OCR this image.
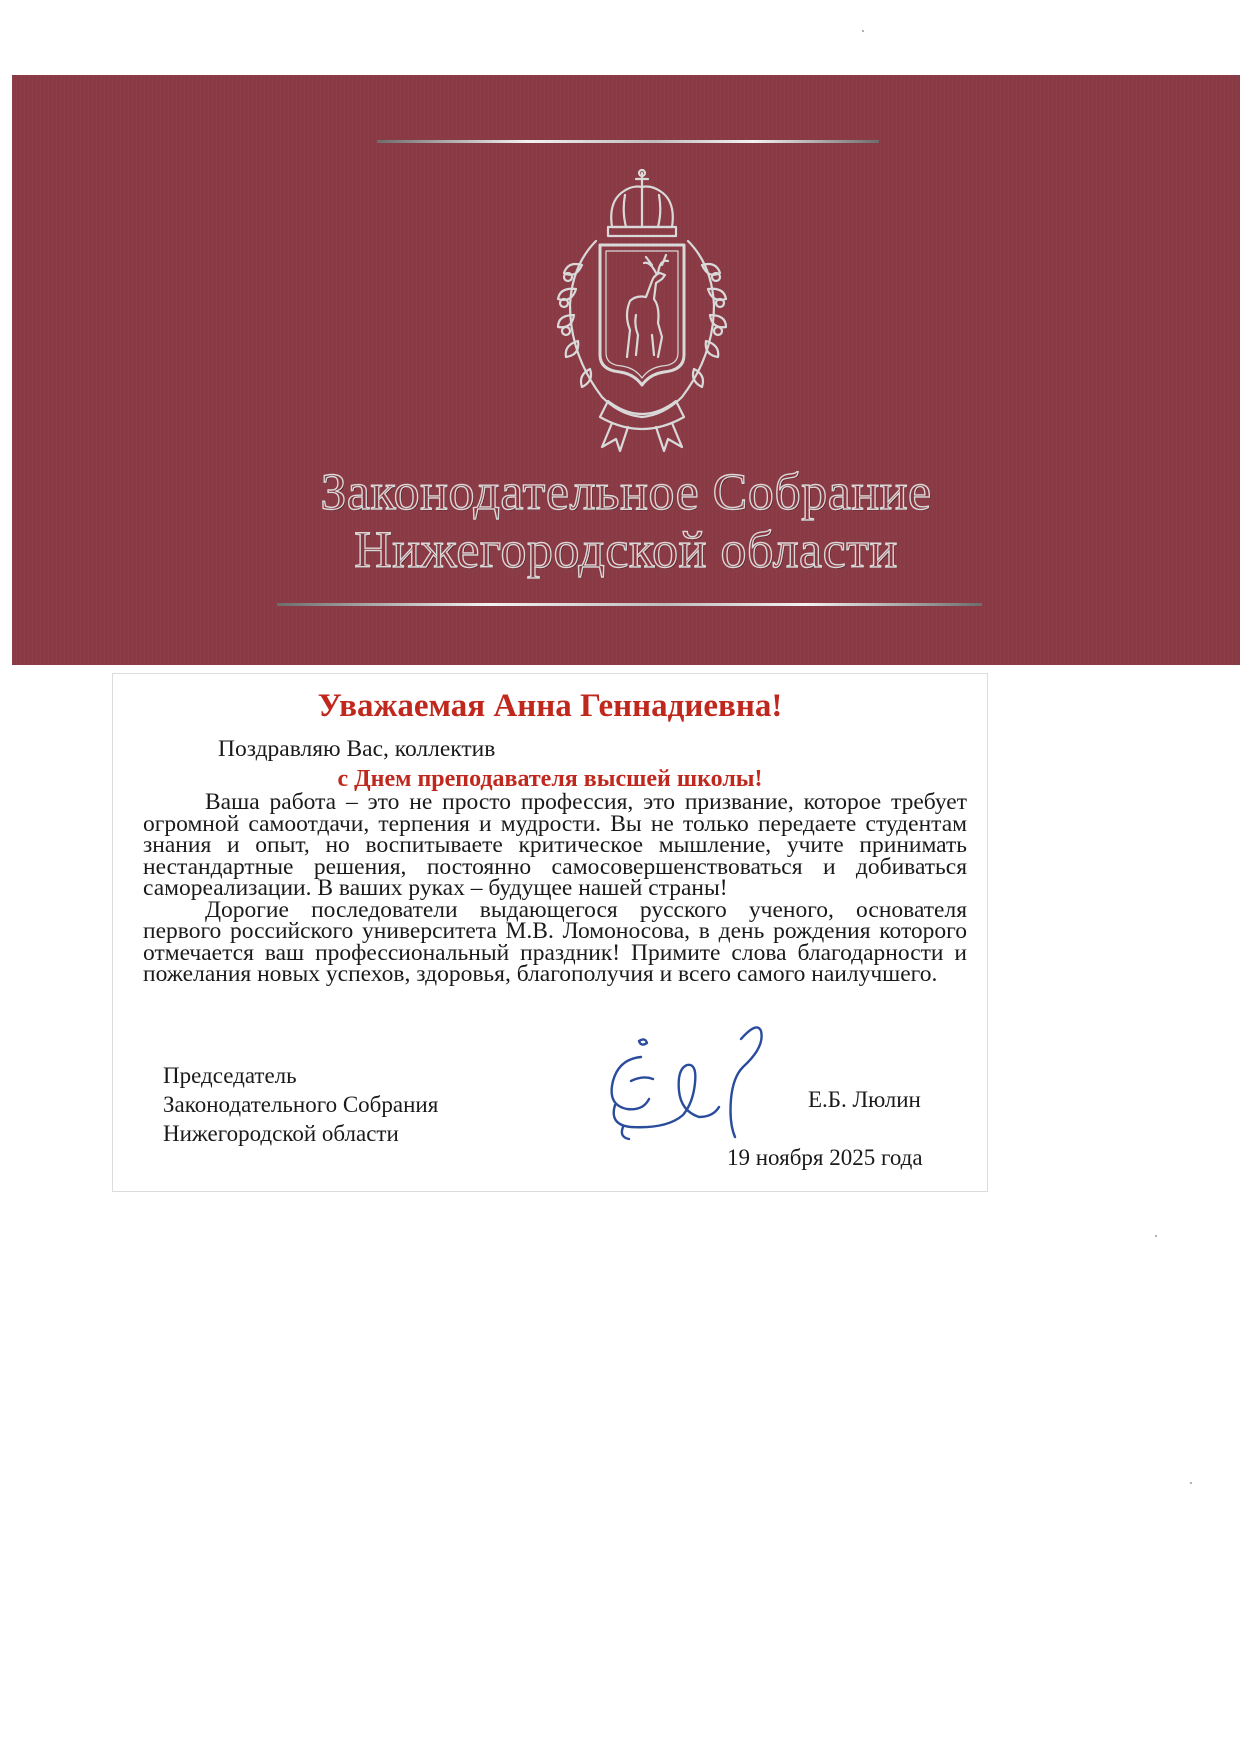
Законодательное Собрание
Нижегородской области
Уважаемая Анна Геннадиевна!
Поздравляю Вас, коллектив
с Днем преподавателя высшей школы!

Ваша работа – это не просто профессия, это призвание, которое требует огромной самоотдачи, терпения и мудрости. Вы не только передаете студентам знания и опыт, но воспитываете критическое мышление, учите принимать нестандартные решения, постоянно самосовершенствоваться и добиваться самореализации. В ваших руках – будущее нашей страны!

Дорогие последователи выдающегося русского ученого, основателя первого российского университета М.В. Ломоносова, в день рождения которого отмечается ваш профессиональный праздник! Примите слова благодарности и пожелания новых успехов, здоровья, благополучия и всего самого наилучшего.

Председатель
Законодательного Собрания
Нижегородской области
Е.Б. Люлин
19 ноября 2025 года
